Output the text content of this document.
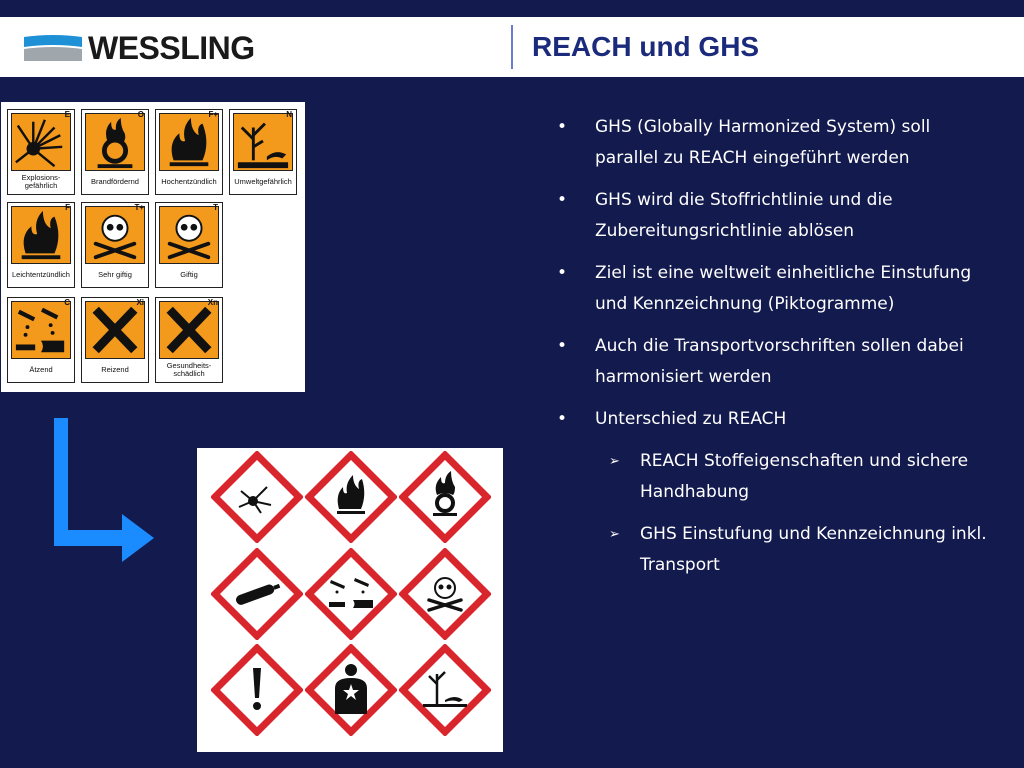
WESSLING	REACH und GHS
E
Explosions-
gefährlich
O
Brandfördernd
F+
Hochentzündlich
N
Umweltgefährlich
F
Leichtentzündlich
T+
Sehr giftig
T
Giftig
C
Ätzend
Xi
Reizend
Xn
Gesundheits-
schädlich
• GHS (Globally Harmonized System) soll parallel zu REACH eingeführt werden
• GHS wird die Stoffrichtlinie und die Zubereitungsrichtlinie ablösen
• Ziel ist eine weltweit einheitliche Einstufung und Kennzeichnung (Piktogramme)
• Auch die Transportvorschriften sollen dabei harmonisiert werden
• Unterschied zu REACH
➢ REACH Stoffeigenschaften und sichere Handhabung
➢ GHS Einstufung und Kennzeichnung inkl. Transport
